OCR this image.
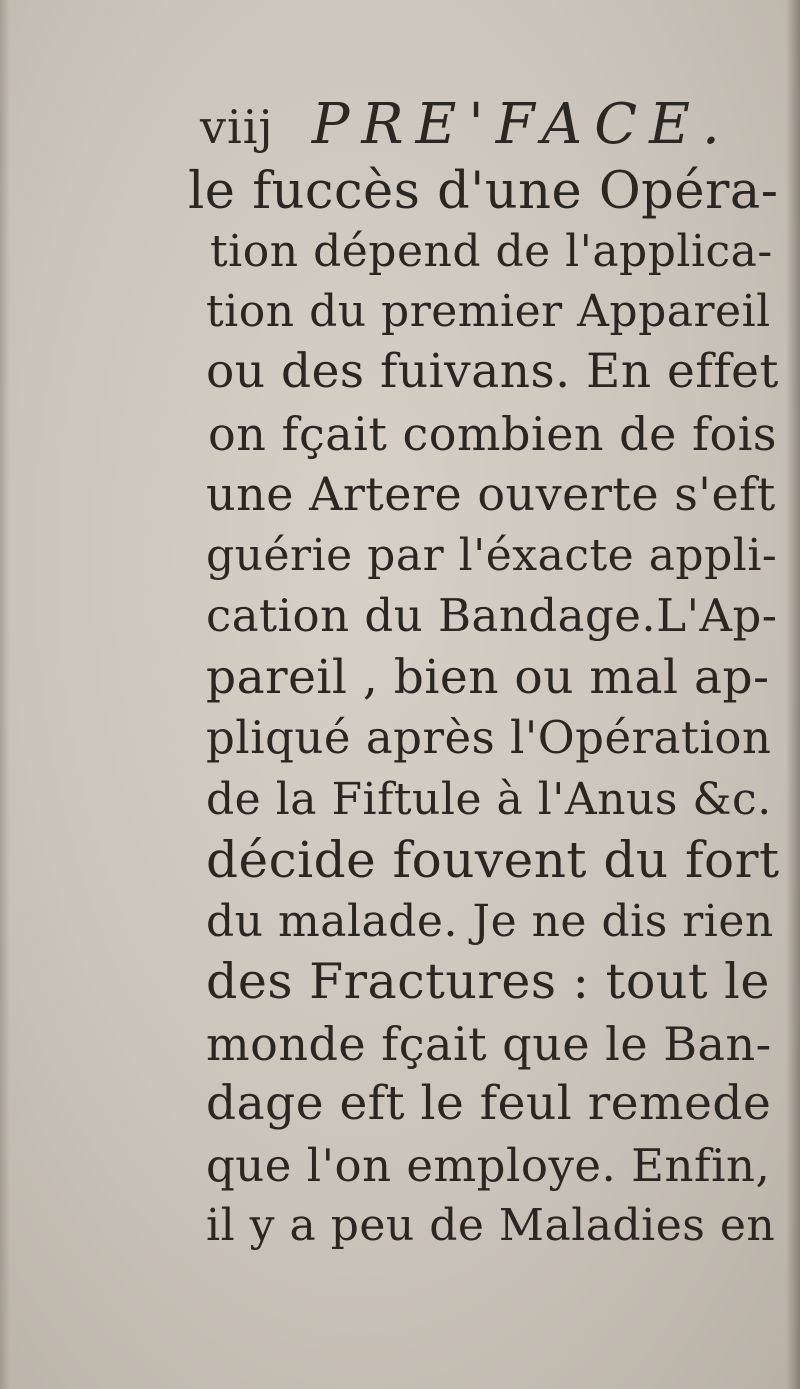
viij PRE'FACE.
le fuccès d'une Opéra-
tion dépend de l'applica-
tion du premier Appareil
ou des fuivans. En effet
on fçait combien de fois
une Artere ouverte s'eft
guérie par l'éxacte appli-
cation du Bandage.L'Ap-
pareil , bien ou mal ap-
pliqué après l'Opération
de la Fiftule à l'Anus &c.
décide fouvent du fort
du malade. Je ne dis rien
des Fractures : tout le
monde fçait que le Ban-
dage eft le feul remede
que l'on employe. Enfin,
il y a peu de Maladies en
